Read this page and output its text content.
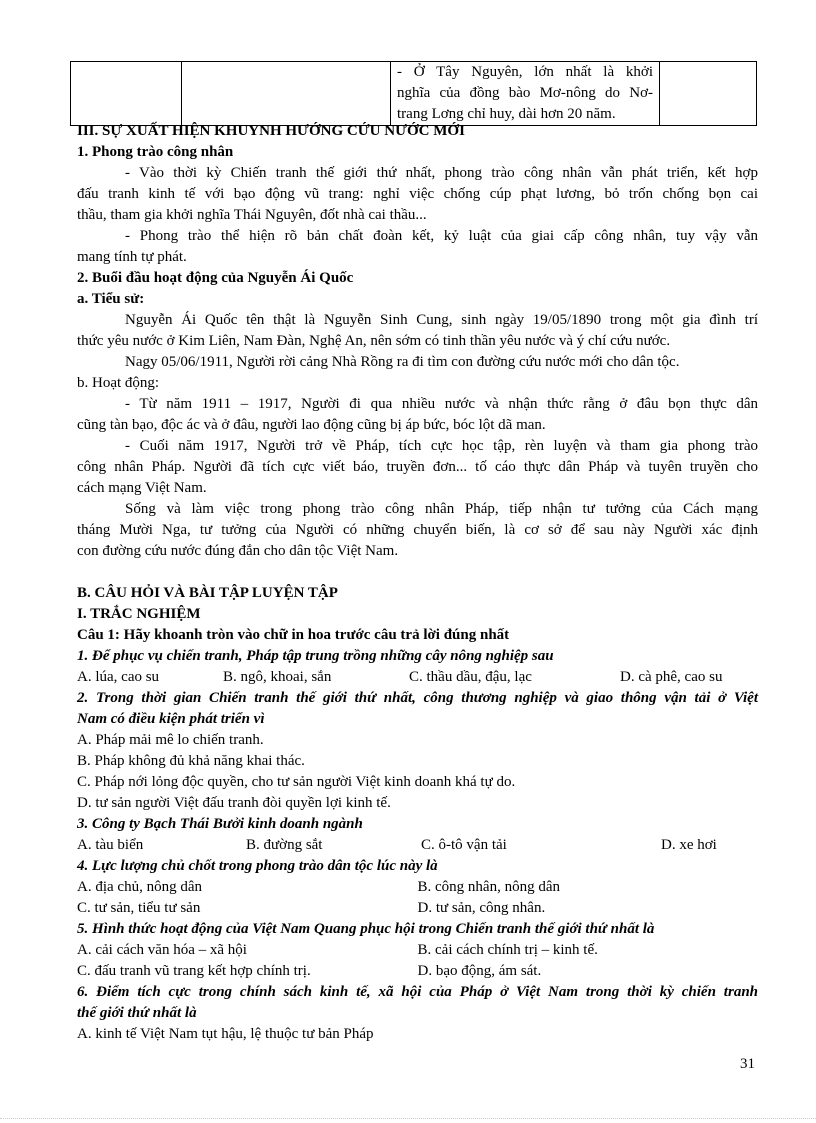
- Ở Tây Nguyên, lớn nhất là khởi
nghĩa của đồng bào Mơ-nông do Nơ-
trang Lơng chỉ huy, dài hơn 20 năm.

III. SỰ XUẤT HIỆN KHUYNH HƯỚNG CỨU NƯỚC MỚI
1. Phong trào công nhân
- Vào thời kỳ Chiến tranh thế giới thứ nhất, phong trào công nhân vẫn phát triển, kết hợp
đấu tranh kinh tế với bạo động vũ trang: nghỉ việc chống cúp phạt lương, bỏ trốn chống bọn cai
thầu, tham gia khởi nghĩa Thái Nguyên, đốt nhà cai thầu...
- Phong trào thể hiện rõ bản chất đoàn kết, kỷ luật của giai cấp công nhân, tuy vậy vẫn
mang tính tự phát.
2. Buổi đầu hoạt động của Nguyễn Ái Quốc
a. Tiểu sử:
Nguyễn Ái Quốc tên thật là Nguyễn Sinh Cung, sinh ngày 19/05/1890 trong một gia đình trí
thức yêu nước ở Kim Liên, Nam Đàn, Nghệ An, nên sớm có tinh thần yêu nước và ý chí cứu nước.
Nagy 05/06/1911, Người rời cảng Nhà Rồng ra đi tìm con đường cứu nước mới cho dân tộc.
b. Hoạt động:
- Từ năm 1911 – 1917, Người đi qua nhiều nước và nhận thức rằng ở đâu bọn thực dân
cũng tàn bạo, độc ác và ở đâu, người lao động cũng bị áp bức, bóc lột dã man.
- Cuối năm 1917, Người trở về Pháp, tích cực học tập, rèn luyện và tham gia phong trào
công nhân Pháp. Người đã tích cực viết báo, truyền đơn... tố cáo thực dân Pháp và tuyên truyền cho
cách mạng Việt Nam.
Sống và làm việc trong phong trào công nhân Pháp, tiếp nhận tư tưởng của Cách mạng
tháng Mười Nga, tư tưởng của Người có những chuyển biến, là cơ sở để sau này Người xác định
con đường cứu nước đúng đắn cho dân tộc Việt Nam.
B. CÂU HỎI VÀ BÀI TẬP LUYỆN TẬP
I. TRẮC NGHIỆM
Câu 1: Hãy khoanh tròn vào chữ in hoa trước câu trả lời đúng nhất
1. Để phục vụ chiến tranh, Pháp tập trung trồng những cây nông nghiệp sau
A. lúa, cao su	B. ngô, khoai, sắn	C. thầu dầu, đậu, lạc	D. cà phê, cao su
2. Trong thời gian Chiến tranh thế giới thứ nhất, công thương nghiệp và giao thông vận tải ở Việt
Nam có điều kiện phát triển vì
A. Pháp mải mê lo chiến tranh.
B. Pháp không đủ khả năng khai thác.
C. Pháp nới lỏng độc quyền, cho tư sản người Việt kinh doanh khá tự do.
D. tư sản người Việt đấu tranh đòi quyền lợi kinh tế.
3. Công ty Bạch Thái Bưởi kinh doanh ngành
A. tàu biển	B. đường sắt	C. ô-tô vận tải	D. xe hơi
4. Lực lượng chủ chốt trong phong trào dân tộc lúc này là
A. địa chủ, nông dân	B. công nhân, nông dân
C. tư sản, tiểu tư sản	D. tư sản, công nhân.
5. Hình thức hoạt động của Việt Nam Quang phục hội trong Chiến tranh thế giới thứ nhất là
A. cải cách văn hóa – xã hội	B. cải cách chính trị – kinh tế.
C. đấu tranh vũ trang kết hợp chính trị.	D. bạo động, ám sát.
6. Điểm tích cực trong chính sách kinh tế, xã hội của Pháp ở Việt Nam trong thời kỳ chiến tranh
thế giới thứ nhất là
A. kinh tế Việt Nam tụt hậu, lệ thuộc tư bản Pháp
31
